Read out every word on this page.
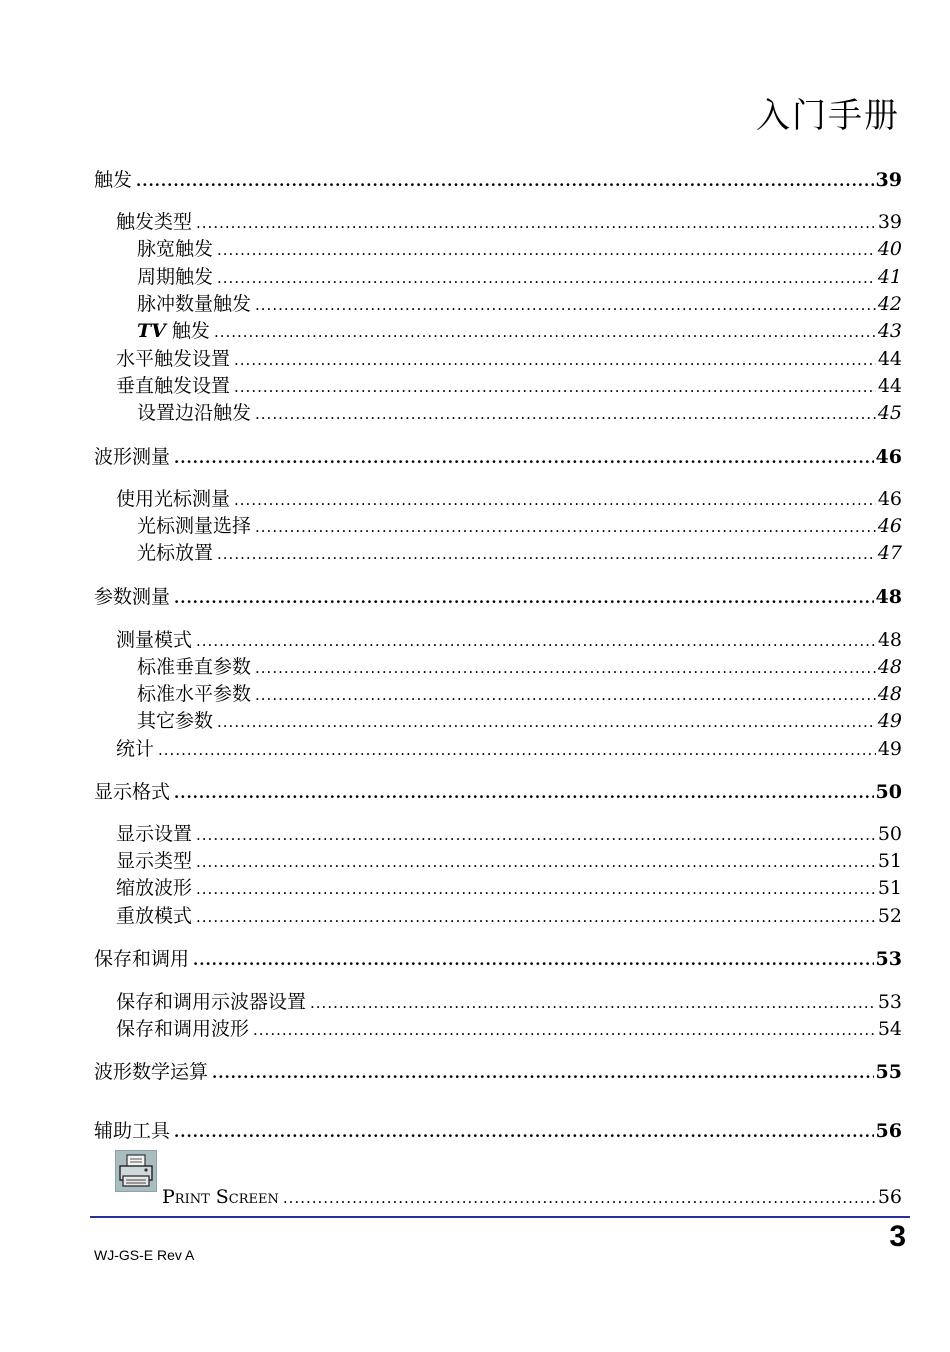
入门手册
触发 .....	39
触发类型 .....	39
脉宽触发 .....	40
周期触发 .....	41
脉冲数量触发 .....	42
TV 触发 .....	43
水平触发设置 .....	44
垂直触发设置 .....	44
设置边沿触发 .....	45
波形测量 .....	46
使用光标测量 .....	46
光标测量选择 .....	46
光标放置 .....	47
参数测量 .....	48
测量模式 .....	48
标准垂直参数 .....	48
标准水平参数 .....	48
其它参数 .....	49
统计 .....	49
显示格式 .....	50
显示设置 .....	50
显示类型 .....	51
缩放波形 .....	51
重放模式 .....	52
保存和调用 .....	53
保存和调用示波器设置 .....	53
保存和调用波形 .....	54
波形数学运算 .....	55
辅助工具 .....	56
Print Screen .....	56
WJ-GS-E Rev A
3
